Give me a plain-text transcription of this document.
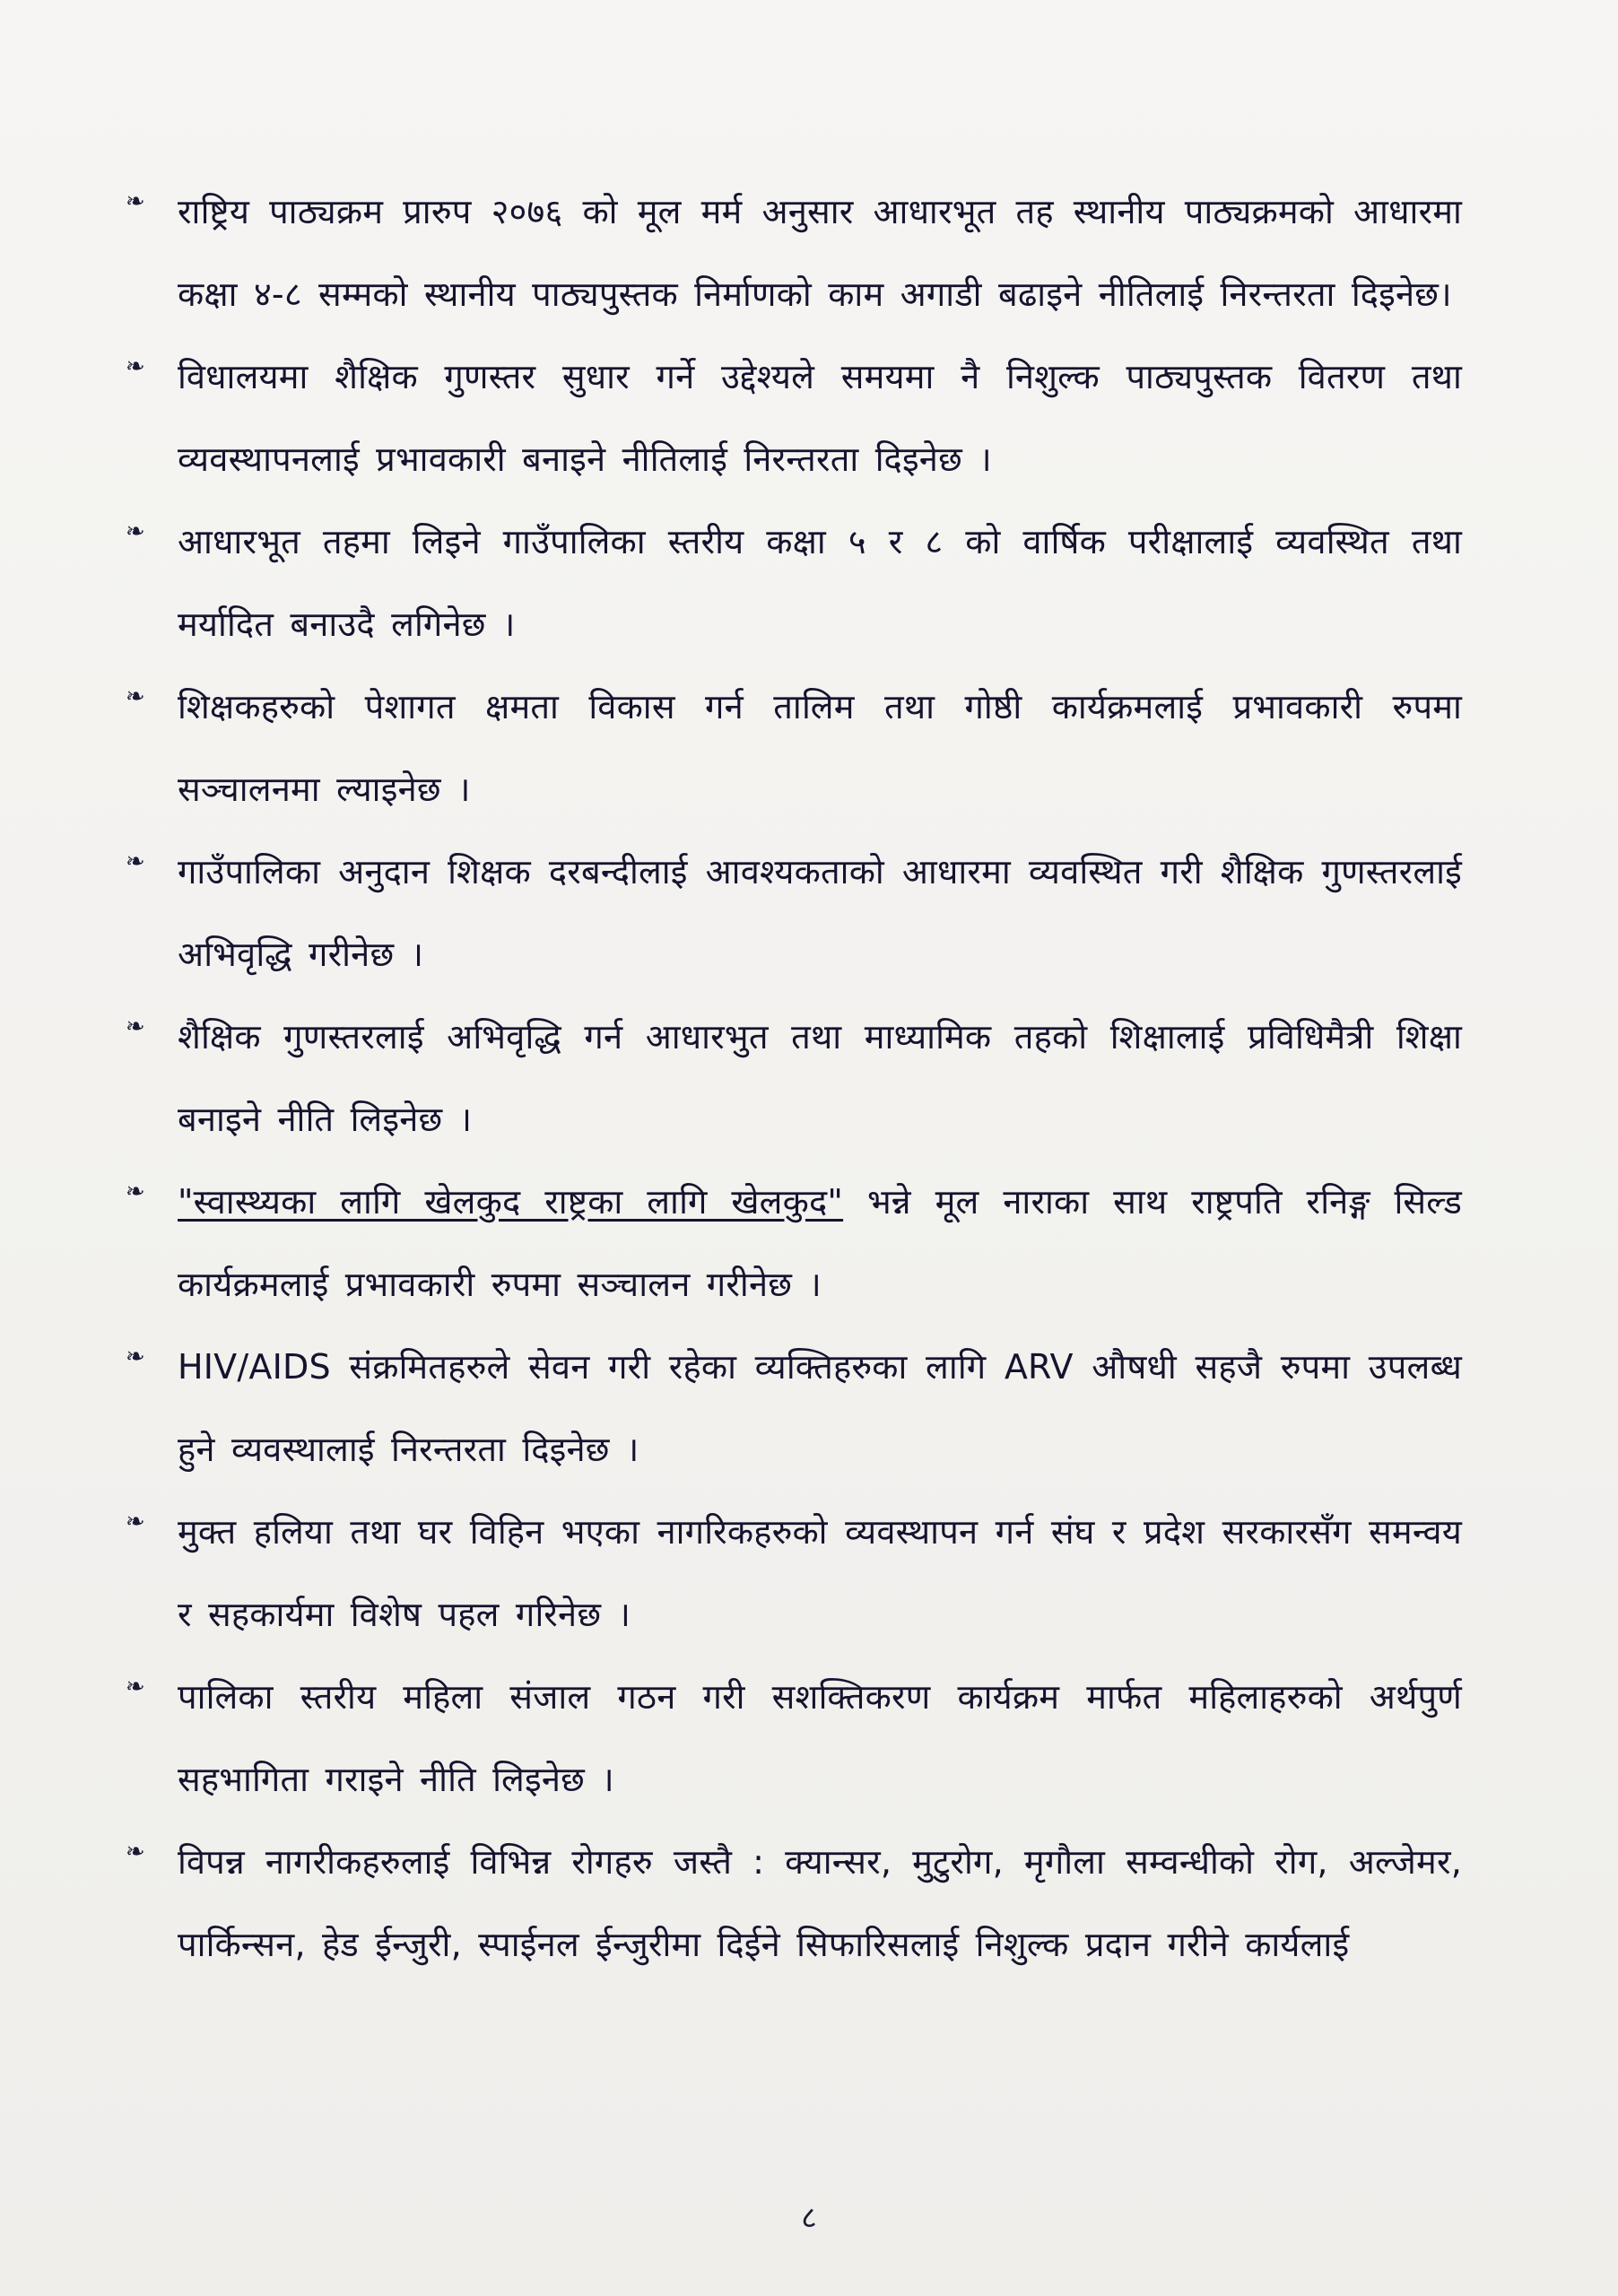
❧ राष्ट्रिय पाठ्यक्रम प्रारुप २०७६ को मूल मर्म अनुसार आधारभूत तह स्थानीय पाठ्यक्रमको आधारमा कक्षा ४-८ सम्मको स्थानीय पाठ्यपुस्तक निर्माणको काम अगाडी बढाइने नीतिलाई निरन्तरता दिइनेछ।

❧ विधालयमा शैक्षिक गुणस्तर सुधार गर्ने उद्देश्यले समयमा नै निशुल्क पाठ्यपुस्तक वितरण तथा व्यवस्थापनलाई प्रभावकारी बनाइने नीतिलाई निरन्तरता दिइनेछ ।

❧ आधारभूत तहमा लिइने गाउँपालिका स्तरीय कक्षा ५ र ८ को वार्षिक परीक्षालाई व्यवस्थित तथा मर्यादित बनाउदै लगिनेछ ।

❧ शिक्षकहरुको पेशागत क्षमता विकास गर्न तालिम तथा गोष्ठी कार्यक्रमलाई प्रभावकारी रुपमा सञ्चालनमा ल्याइनेछ ।

❧ गाउँपालिका अनुदान शिक्षक दरबन्दीलाई आवश्यकताको आधारमा व्यवस्थित गरी शैक्षिक गुणस्तरलाई अभिवृद्धि गरीनेछ ।

❧ शैक्षिक गुणस्तरलाई अभिवृद्धि गर्न आधारभुत तथा माध्यामिक तहको शिक्षालाई प्रविधिमैत्री शिक्षा बनाइने नीति लिइनेछ ।

❧ "स्वास्थ्यका लागि खेलकुद राष्ट्रका लागि खेलकुद" भन्ने मूल नाराका साथ राष्ट्रपति रनिङ्ग सिल्ड कार्यक्रमलाई प्रभावकारी रुपमा सञ्चालन गरीनेछ ।

❧ HIV/AIDS संक्रमितहरुले सेवन गरी रहेका व्यक्तिहरुका लागि ARV औषधी सहजै रुपमा उपलब्ध हुने व्यवस्थालाई निरन्तरता दिइनेछ ।

❧ मुक्त हलिया तथा घर विहिन भएका नागरिकहरुको व्यवस्थापन गर्न संघ र प्रदेश सरकारसँग समन्वय र सहकार्यमा विशेष पहल गरिनेछ ।

❧ पालिका स्तरीय महिला संजाल गठन गरी सशक्तिकरण कार्यक्रम मार्फत महिलाहरुको अर्थपुर्ण सहभागिता गराइने नीति लिइनेछ ।

❧ विपन्न नागरीकहरुलाई विभिन्न रोगहरु जस्तै : क्यान्सर, मुटुरोग, मृगौला सम्वन्धीको रोग, अल्जेमर, पार्किन्सन, हेड ईन्जुरी, स्पाईनल ईन्जुरीमा दिईने सिफारिसलाई निशुल्क प्रदान गरीने कार्यलाई

८
